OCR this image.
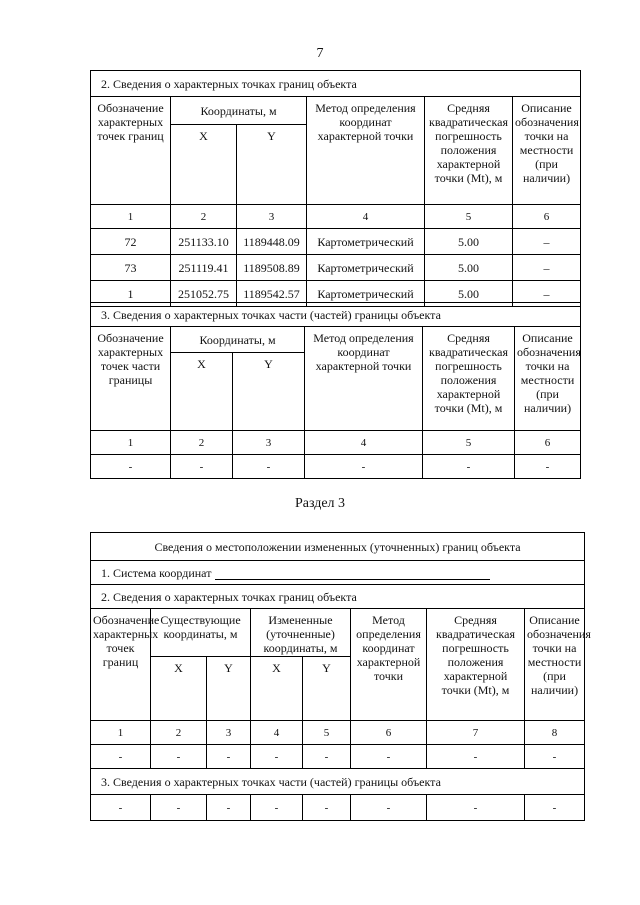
7
2. Сведения о характерных точках границ объекта					
Обозначение характерных точек границ	Координаты, м		Метод определения координат характерной точки	Средняя квадратическая погрешность положения характерной точки (Mt), м	Описание обозначения точки на местности (при наличии)
	X	Y			
1	2	3	4	5	6
72	251133.10	1189448.09	Картометрический	5.00	–
73	251119.41	1189508.89	Картометрический	5.00	–
1	251052.75	1189542.57	Картометрический	5.00	–
3. Сведения о характерных точках части (частей) границы объекта					
Обозначение характерных точек части границы	Координаты, м		Метод определения координат характерной точки	Средняя квадратическая погрешность положения характерной точки (Mt), м	Описание обозначения точки на местности (при наличии)
	X	Y			
1	2	3	4	5	6
-	-	-	-	-	-
Раздел 3
Сведения о местоположении измененных (уточненных) границ объекта							
1. Система координат							
2. Сведения о характерных точках границ объекта							
Обозначение характерных точек границ	Существующие координаты, м		Измененные (уточненные) координаты, м		Метод определения координат характерной точки	Средняя квадратическая погрешность положения характерной точки (Mt), м	Описание обозначения точки на местности (при наличии)
	X	Y	X	Y			
1	2	3	4	5	6	7	8
-	-	-	-	-	-	-	-
3. Сведения о характерных точках части (частей) границы объекта							
-	-	-	-	-	-	-	-
